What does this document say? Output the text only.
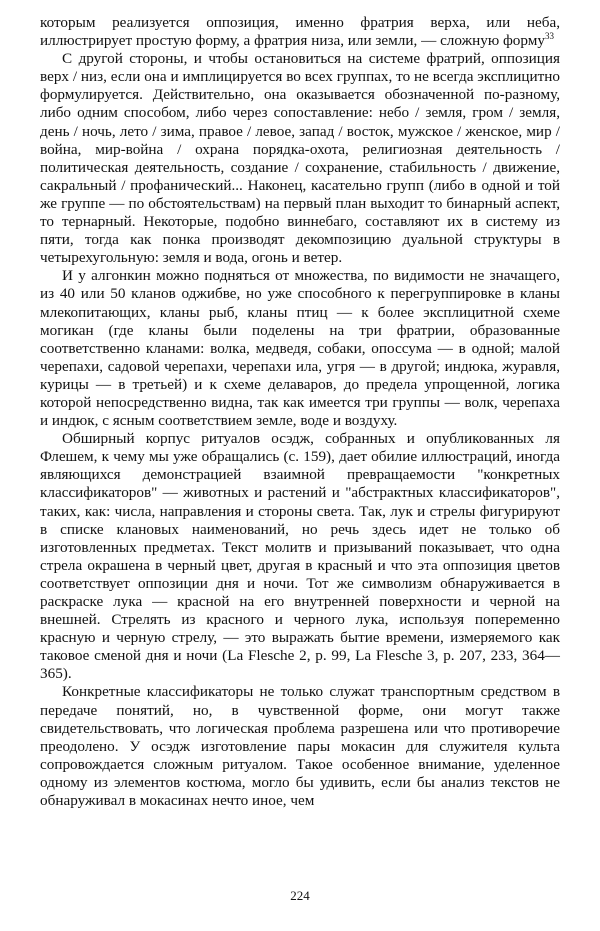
которым реализуется оппозиция, именно фратрия верха, или неба, иллюстрирует простую форму, а фратрия низа, или земли, — сложную форму$^{33}$

С другой стороны, и чтобы остановиться на системе фратрий, оппозиция верх / низ, если она и имплицируется во всех группах, то не всегда эксплицитно формулируется. Действительно, она оказывается обозначенной по-разному, либо одним способом, либо через сопоставление: небо / земля, гром / земля, день / ночь, лето / зима, правое / левое, запад / восток, мужское / женское, мир / война, мир-война / охрана порядка-охота, религиозная деятельность / политическая деятельность, создание / сохранение, стабильность / движение, сакральный / профанический... Наконец, касательно групп (либо в одной и той же группе — по обстоятельствам) на первый план выходит то бинарный аспект, то тернарный. Некоторые, подобно виннебаго, составляют их в систему из пяти, тогда как понка производят декомпозицию дуальной структуры в четырехугольную: земля и вода, огонь и ветер.

И у алгонкин можно подняться от множества, по видимости не значащего, из 40 или 50 кланов оджибве, но уже способного к перегруппировке в кланы млекопитающих, кланы рыб, кланы птиц — к более эксплицитной схеме могикан (где кланы были поделены на три фратрии, образованные соответственно кланами: волка, медведя, собаки, опоссума — в одной; малой черепахи, садовой черепахи, черепахи ила, угря — в другой; индюка, журавля, курицы — в третьей) и к схеме делаваров, до предела упрощенной, логика которой непосредственно видна, так как имеется три группы — волк, черепаха и индюк, с ясным соответствием земле, воде и воздуху.

Обширный корпус ритуалов осэдж, собранных и опубликованных ля Флешем, к чему мы уже обращались (с. 159), дает обилие иллюстраций, иногда являющихся демонстрацией взаимной превращаемости "конкретных классификаторов" — животных и растений и "абстрактных классификаторов", таких, как: числа, направления и стороны света. Так, лук и стрелы фигурируют в списке клановых наименований, но речь здесь идет не только об изготовленных предметах. Текст молитв и призываний показывает, что одна стрела окрашена в черный цвет, другая в красный и что эта оппозиция цветов соответствует оппозиции дня и ночи. Тот же символизм обнаруживается в раскраске лука — красной на его внутренней поверхности и черной на внешней. Стрелять из красного и черного лука, используя попеременно красную и черную стрелу, — это выражать бытие времени, измеряемого как таковое сменой дня и ночи (La Flesche 2, p. 99, La Flesche 3, p. 207, 233, 364—365).

Конкретные классификаторы не только служат транспортным средством в передаче понятий, но, в чувственной форме, они могут также свидетельствовать, что логическая проблема разрешена или что противоречие преодолено. У осэдж изготовление пары мокасин для служителя культа сопровождается сложным ритуалом. Такое особенное внимание, уделенное одному из элементов костюма, могло бы удивить, если бы анализ текстов не обнаруживал в мокасинах нечто иное, чем

224
